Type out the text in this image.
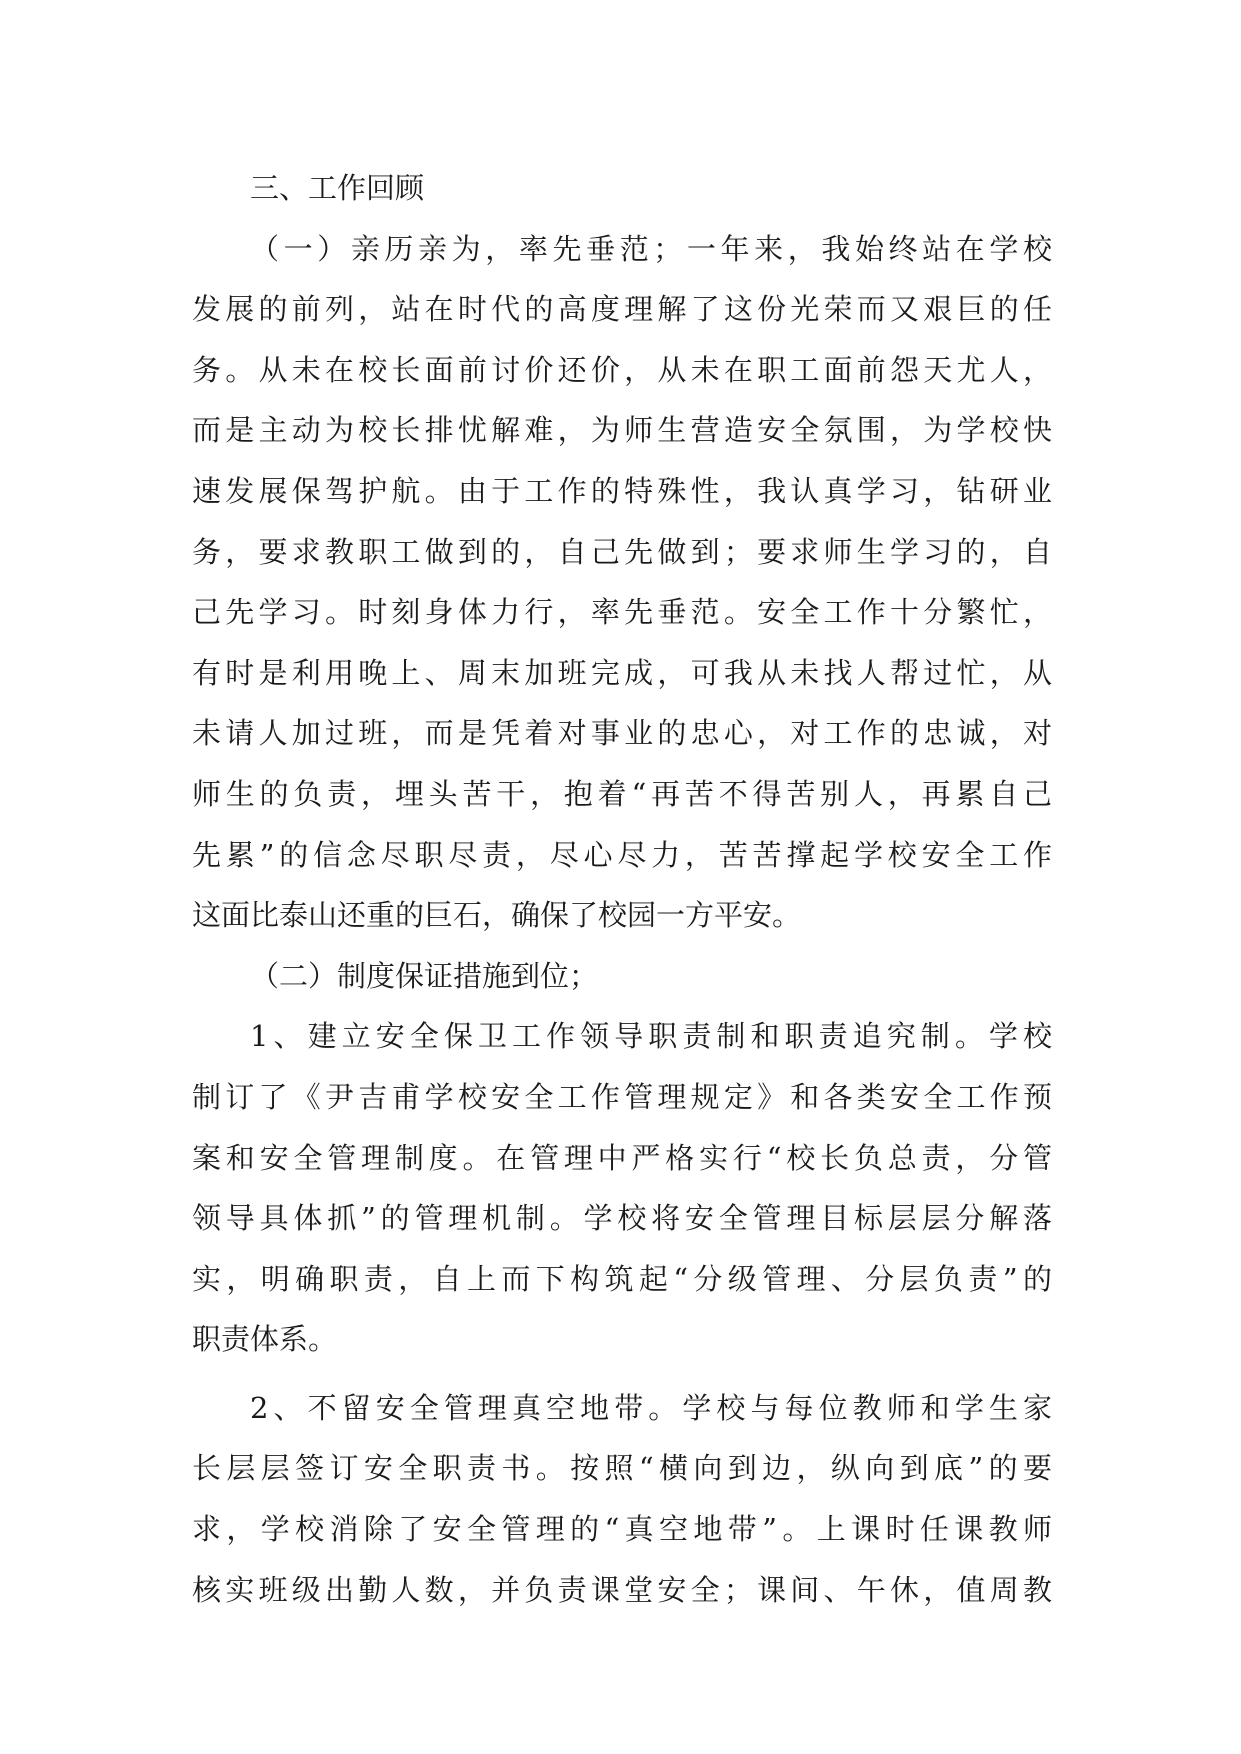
三、工作回顾
（一）亲历亲为，率先垂范；一年来，我始终站在学校
发展的前列，站在时代的高度理解了这份光荣而又艰巨的任
务。从未在校长面前讨价还价，从未在职工面前怨天尤人，
而是主动为校长排忧解难，为师生营造安全氛围，为学校快
速发展保驾护航。由于工作的特殊性，我认真学习，钻研业
务，要求教职工做到的，自己先做到；要求师生学习的，自
己先学习。时刻身体力行，率先垂范。安全工作十分繁忙，
有时是利用晚上、周末加班完成，可我从未找人帮过忙，从
未请人加过班，而是凭着对事业的忠心，对工作的忠诚，对
师生的负责，埋头苦干，抱着“再苦不得苦别人，再累自己
先累”的信念尽职尽责，尽心尽力，苦苦撑起学校安全工作
这面比泰山还重的巨石，确保了校园一方平安。
（二）制度保证措施到位；
1、建立安全保卫工作领导职责制和职责追究制。学校
制订了《尹吉甫学校安全工作管理规定》和各类安全工作预
案和安全管理制度。在管理中严格实行“校长负总责，分管
领导具体抓”的管理机制。学校将安全管理目标层层分解落
实，明确职责，自上而下构筑起“分级管理、分层负责”的
职责体系。
2、不留安全管理真空地带。学校与每位教师和学生家
长层层签订安全职责书。按照“横向到边，纵向到底”的要
求，学校消除了安全管理的“真空地带”。上课时任课教师
核实班级出勤人数，并负责课堂安全；课间、午休，值周教
